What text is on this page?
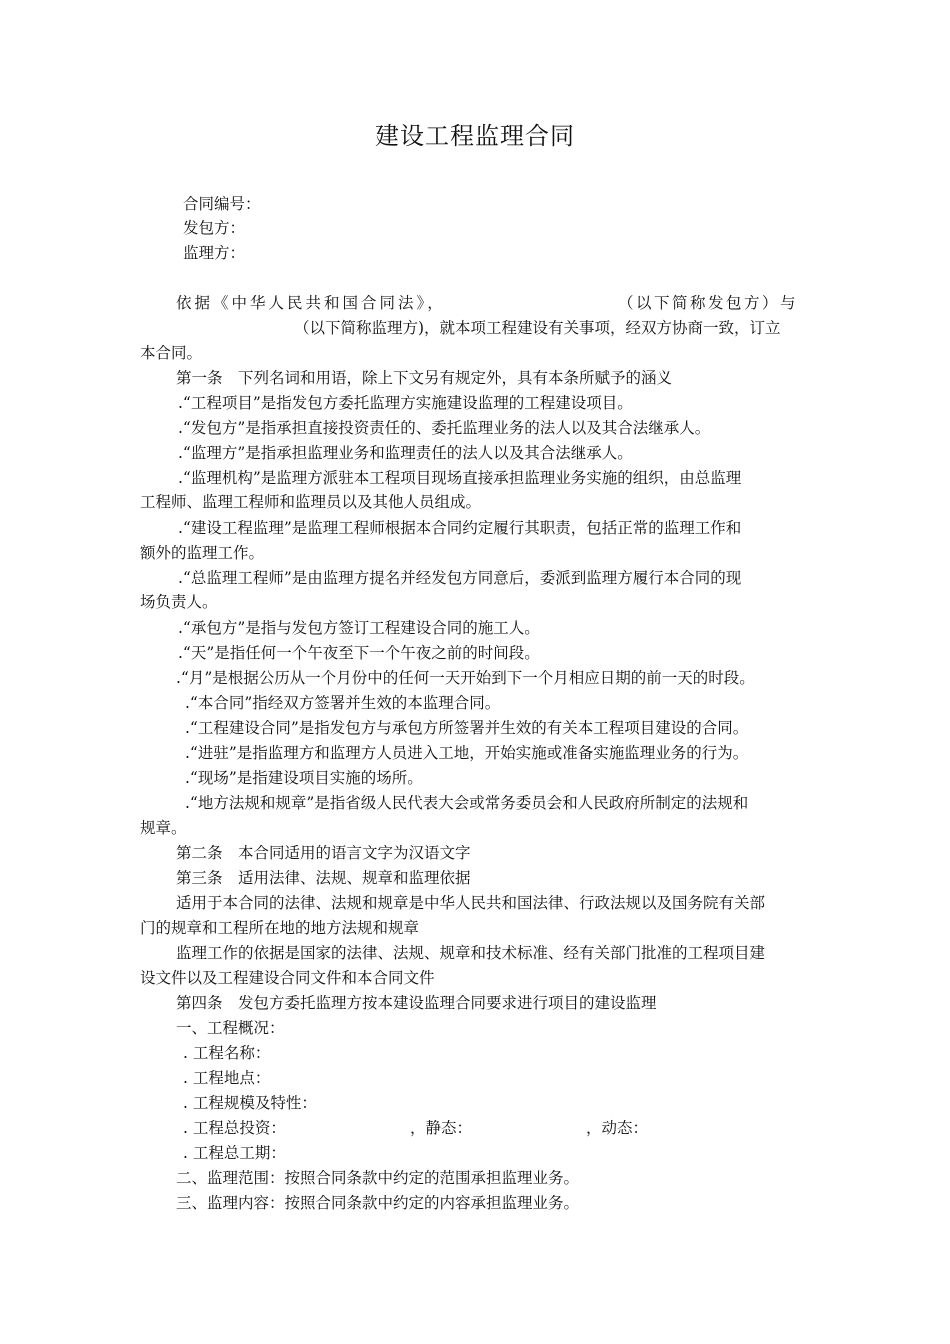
建设工程监理合同
合同编号：
发包方：
监理方：
依据《中华人民共和国合同法》，	（以下简称发包方）与
（以下简称监理方)，就本项工程建设有关事项，经双方协商一致，订立
本合同。
第一条　下列名词和用语，除上下文另有规定外，具有本条所赋予的涵义
.“工程项目”是指发包方委托监理方实施建设监理的工程建设项目。
.“发包方”是指承担直接投资责任的、委托监理业务的法人以及其合法继承人。
.“监理方”是指承担监理业务和监理责任的法人以及其合法继承人。
.“监理机构”是监理方派驻本工程项目现场直接承担监理业务实施的组织，由总监理
工程师、监理工程师和监理员以及其他人员组成。
.“建设工程监理”是监理工程师根据本合同约定履行其职责，包括正常的监理工作和
额外的监理工作。
.“总监理工程师”是由监理方提名并经发包方同意后，委派到监理方履行本合同的现
场负责人。
.“承包方”是指与发包方签订工程建设合同的施工人。
.“天”是指任何一个午夜至下一个午夜之前的时间段。
.“月”是根据公历从一个月份中的任何一天开始到下一个月相应日期的前一天的时段。
.“本合同”指经双方签署并生效的本监理合同。
.“工程建设合同”是指发包方与承包方所签署并生效的有关本工程项目建设的合同。
.“进驻”是指监理方和监理方人员进入工地，开始实施或准备实施监理业务的行为。
.“现场”是指建设项目实施的场所。
.“地方法规和规章”是指省级人民代表大会或常务委员会和人民政府所制定的法规和
规章。
第二条　本合同适用的语言文字为汉语文字
第三条　适用法律、法规、规章和监理依据
适用于本合同的法律、法规和规章是中华人民共和国法律、行政法规以及国务院有关部
门的规章和工程所在地的地方法规和规章
监理工作的依据是国家的法律、法规、规章和技术标准、经有关部门批准的工程项目建
设文件以及工程建设合同文件和本合同文件
第四条　发包方委托监理方按本建设监理合同要求进行项目的建设监理
一、工程概况：
. 工程名称：
. 工程地点：
. 工程规模及特性：
. 工程总投资：	，静态：	，动态：
. 工程总工期：
二、监理范围：按照合同条款中约定的范围承担监理业务。
三、监理内容：按照合同条款中约定的内容承担监理业务。
